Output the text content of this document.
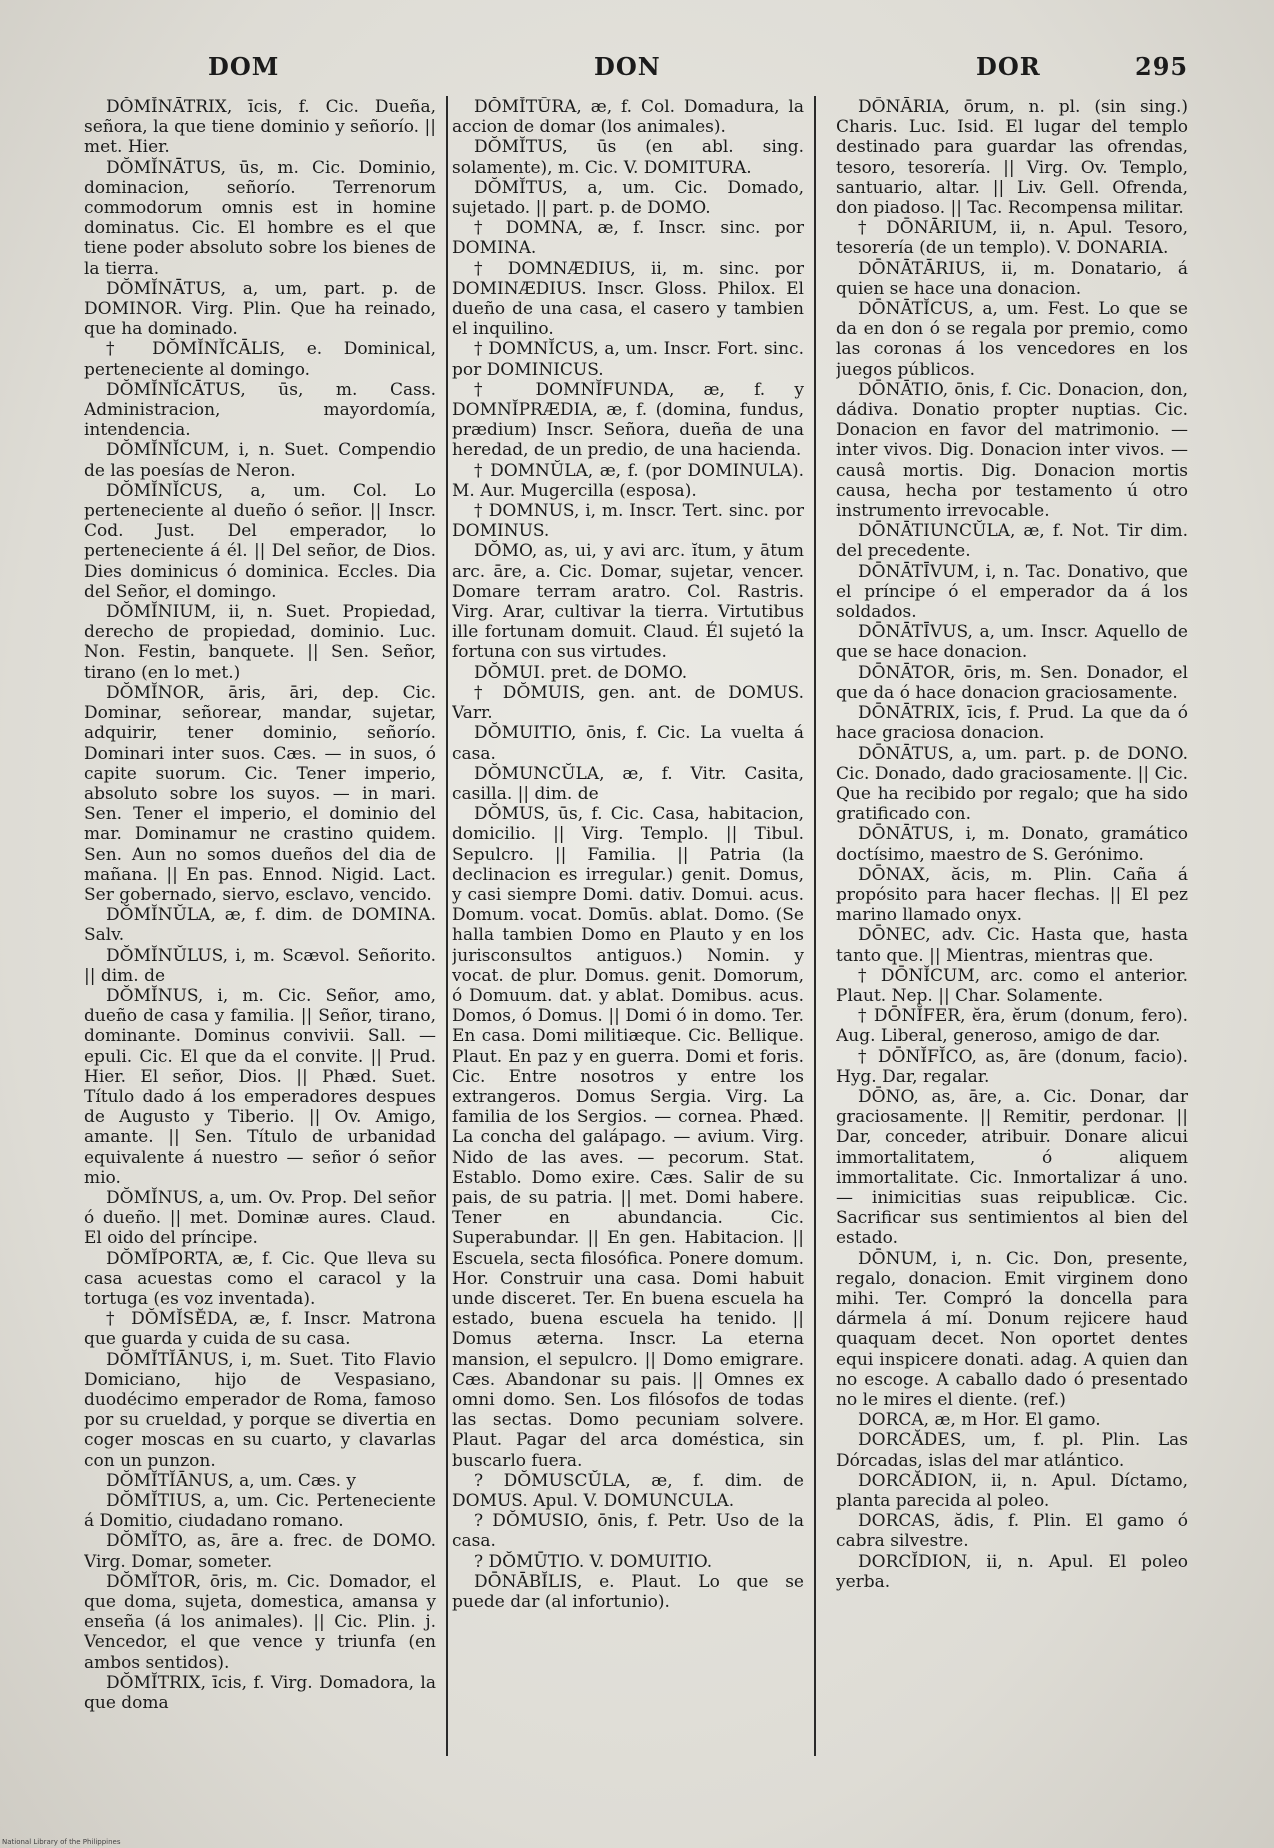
DOM	DON	DOR	295

DŎMĬNĀTRIX, īcis, f. Cic. Dueña, señora, la que tiene dominio y señorío. || met. Hier.

DŎMĬNĀTUS, ūs, m. Cic. Dominio, dominacion, señorío. Terrenorum commodorum omnis est in homine dominatus. Cic. El hombre es el que tiene poder absoluto sobre los bienes de la tierra.

DŎMĬNĀTUS, a, um, part. p. de DOMINOR. Virg. Plin. Que ha reinado, que ha dominado.

† DŎMĬNĬCĀLIS, e. Dominical, perteneciente al domingo.

DŎMĬNĬCĀTUS, ūs, m. Cass. Administracion, mayordomía, intendencia.

DŎMĬNĬCUM, i, n. Suet. Compendio de las poesías de Neron.

DŎMĬNĬCUS, a, um. Col. Lo perteneciente al dueño ó señor. || Inscr. Cod. Just. Del emperador, lo perteneciente á él. || Del señor, de Dios. Dies dominicus ó dominica. Eccles. Dia del Señor, el domingo.

DŎMĬNIUM, ii, n. Suet. Propiedad, derecho de propiedad, dominio. Luc. Non. Festin, banquete. || Sen. Señor, tirano (en lo met.)

DŎMĬNOR, āris, āri, dep. Cic. Dominar, señorear, mandar, sujetar, adquirir, tener dominio, señorío. Dominari inter suos. Cæs. — in suos, ó capite suorum. Cic. Tener imperio, absoluto sobre los suyos. — in mari. Sen. Tener el imperio, el dominio del mar. Dominamur ne crastino quidem. Sen. Aun no somos dueños del dia de mañana. || En pas. Ennod. Nigid. Lact. Ser gobernado, siervo, esclavo, vencido.

DŎMĬNŬLA, æ, f. dim. de DOMINA. Salv.

DŎMĬNŬLUS, i, m. Scævol. Señorito. || dim. de

DŎMĬNUS, i, m. Cic. Señor, amo, dueño de casa y familia. || Señor, tirano, dominante. Dominus convivii. Sall. — epuli. Cic. El que da el convite. || Prud. Hier. El señor, Dios. || Phæd. Suet. Título dado á los emperadores despues de Augusto y Tiberio. || Ov. Amigo, amante. || Sen. Título de urbanidad equivalente á nuestro — señor ó señor mio.

DŎMĬNUS, a, um. Ov. Prop. Del señor ó dueño. || met. Dominæ aures. Claud. El oido del príncipe.

DŎMĬPORTA, æ, f. Cic. Que lleva su casa acuestas como el caracol y la tortuga (es voz inventada).

† DŎMĬSĔDA, æ, f. Inscr. Matrona que guarda y cuida de su casa.

DŎMĬTĬĀNUS, i, m. Suet. Tito Flavio Domiciano, hijo de Vespasiano, duodécimo emperador de Roma, famoso por su crueldad, y porque se divertia en coger moscas en su cuarto, y clavarlas con un punzon.

DŎMĬTĬĀNUS, a, um. Cæs. y

DŎMĬTIUS, a, um. Cic. Perteneciente á Domitio, ciudadano romano.

DŎMĬTO, as, āre a. frec. de DOMO. Virg. Domar, someter.

DŎMĬTOR, ōris, m. Cic. Domador, el que doma, sujeta, domestica, amansa y enseña (á los animales). || Cic. Plin. j. Vencedor, el que vence y triunfa (en ambos sentidos).

DŎMĬTRIX, īcis, f. Virg. Domadora, la que doma

DŎMĬTŪRA, æ, f. Col. Domadura, la accion de domar (los animales).

DŎMĬTUS, ūs (en abl. sing. solamente), m. Cic. V. DOMITURA.

DŎMĬTUS, a, um. Cic. Domado, sujetado. || part. p. de DOMO.

† DOMNA, æ, f. Inscr. sinc. por DOMINA.

† DOMNÆDIUS, ii, m. sinc. por DOMINÆDIUS. Inscr. Gloss. Philox. El dueño de una casa, el casero y tambien el inquilino.

† DOMNĬCUS, a, um. Inscr. Fort. sinc. por DOMINICUS.

† DOMNĬFUNDA, æ, f. y DOMNĬPRÆDIA, æ, f. (domina, fundus, prædium) Inscr. Señora, dueña de una heredad, de un predio, de una hacienda.

† DOMNŬLA, æ, f. (por DOMINULA). M. Aur. Mugercilla (esposa).

† DOMNUS, i, m. Inscr. Tert. sinc. por DOMINUS.

DŎMO, as, ui, y avi arc. ĭtum, y ātum arc. āre, a. Cic. Domar, sujetar, vencer. Domare terram aratro. Col. Rastris. Virg. Arar, cultivar la tierra. Virtutibus ille fortunam domuit. Claud. Él sujetó la fortuna con sus virtudes.

DŎMUI. pret. de DOMO.

† DŎMUIS, gen. ant. de DOMUS. Varr.

DŎMUITIO, ōnis, f. Cic. La vuelta á casa.

DŎMUNCŬLA, æ, f. Vitr. Casita, casilla. || dim. de

DŎMUS, ūs, f. Cic. Casa, habitacion, domicilio. || Virg. Templo. || Tibul. Sepulcro. || Familia. || Patria (la declinacion es irregular.) genit. Domus, y casi siempre Domi. dativ. Domui. acus. Domum. vocat. Domūs. ablat. Domo. (Se halla tambien Domo en Plauto y en los jurisconsultos antiguos.) Nomin. y vocat. de plur. Domus. genit. Domorum, ó Domuum. dat. y ablat. Domibus. acus. Domos, ó Domus. || Domi ó in domo. Ter. En casa. Domi militiæque. Cic. Bellique. Plaut. En paz y en guerra. Domi et foris. Cic. Entre nosotros y entre los extrangeros. Domus Sergia. Virg. La familia de los Sergios. — cornea. Phæd. La concha del galápago. — avium. Virg. Nido de las aves. — pecorum. Stat. Establo. Domo exire. Cæs. Salir de su pais, de su patria. || met. Domi habere. Tener en abundancia. Cic. Superabundar. || En gen. Habitacion. || Escuela, secta filosófica. Ponere domum. Hor. Construir una casa. Domi habuit unde disceret. Ter. En buena escuela ha estado, buena escuela ha tenido. || Domus æterna. Inscr. La eterna mansion, el sepulcro. || Domo emigrare. Cæs. Abandonar su pais. || Omnes ex omni domo. Sen. Los filósofos de todas las sectas. Domo pecuniam solvere. Plaut. Pagar del arca doméstica, sin buscarlo fuera.

? DŎMUSCŬLA, æ, f. dim. de DOMUS. Apul. V. DOMUNCULA.

? DŎMUSIO, ōnis, f. Petr. Uso de la casa.

? DŎMŪTIO. V. DOMUITIO.

DŌNĀBĬLIS, e. Plaut. Lo que se puede dar (al infortunio).

DŌNĀRIA, ōrum, n. pl. (sin sing.) Charis. Luc. Isid. El lugar del templo destinado para guardar las ofrendas, tesoro, tesorería. || Virg. Ov. Templo, santuario, altar. || Liv. Gell. Ofrenda, don piadoso. || Tac. Recompensa militar.

† DŌNĀRIUM, ii, n. Apul. Tesoro, tesorería (de un templo). V. DONARIA.

DŌNĀTĀRIUS, ii, m. Donatario, á quien se hace una donacion.

DŌNĀTĬCUS, a, um. Fest. Lo que se da en don ó se regala por premio, como las coronas á los vencedores en los juegos públicos.

DŌNĀTIO, ōnis, f. Cic. Donacion, don, dádiva. Donatio propter nuptias. Cic. Donacion en favor del matrimonio. — inter vivos. Dig. Donacion inter vivos. — causâ mortis. Dig. Donacion mortis causa, hecha por testamento ú otro instrumento irrevocable.

DŌNĀTIUNCŬLA, æ, f. Not. Tir dim. del precedente.

DŌNĀTĪVUM, i, n. Tac. Donativo, que el príncipe ó el emperador da á los soldados.

DŌNĀTĪVUS, a, um. Inscr. Aquello de que se hace donacion.

DŌNĀTOR, ōris, m. Sen. Donador, el que da ó hace donacion graciosamente.

DŌNĀTRIX, īcis, f. Prud. La que da ó hace graciosa donacion.

DŌNĀTUS, a, um. part. p. de DONO. Cic. Donado, dado graciosamente. || Cic. Que ha recibido por regalo; que ha sido gratificado con.

DŌNĀTUS, i, m. Donato, gramático doctísimo, maestro de S. Gerónimo.

DŌNAX, ăcis, m. Plin. Caña á propósito para hacer flechas. || El pez marino llamado onyx.

DŌNEC, adv. Cic. Hasta que, hasta tanto que. || Mientras, mientras que.

† DŌNĬCUM, arc. como el anterior. Plaut. Nep. || Char. Solamente.

† DŌNĬFER, ĕra, ĕrum (donum, fero). Aug. Liberal, generoso, amigo de dar.

† DŌNĬFĬCO, as, āre (donum, facio). Hyg. Dar, regalar.

DŌNO, as, āre, a. Cic. Donar, dar graciosamente. || Remitir, perdonar. || Dar, conceder, atribuir. Donare alicui immortalitatem, ó aliquem immortalitate. Cic. Inmortalizar á uno. — inimicitias suas reipublicæ. Cic. Sacrificar sus sentimientos al bien del estado.

DŌNUM, i, n. Cic. Don, presente, regalo, donacion. Emit virginem dono mihi. Ter. Compró la doncella para dármela á mí. Donum rejicere haud quaquam decet. Non oportet dentes equi inspicere donati. adag. A quien dan no escoge. A caballo dado ó presentado no le mires el diente. (ref.)

DORCA, æ, m Hor. El gamo.

DORCĂDES, um, f. pl. Plin. Las Dórcadas, islas del mar atlántico.

DORCĂDION, ii, n. Apul. Díctamo, planta parecida al poleo.

DORCAS, ădis, f. Plin. El gamo ó cabra silvestre.

DORCĬDION, ii, n. Apul. El poleo yerba.

National Library of the Philippines
